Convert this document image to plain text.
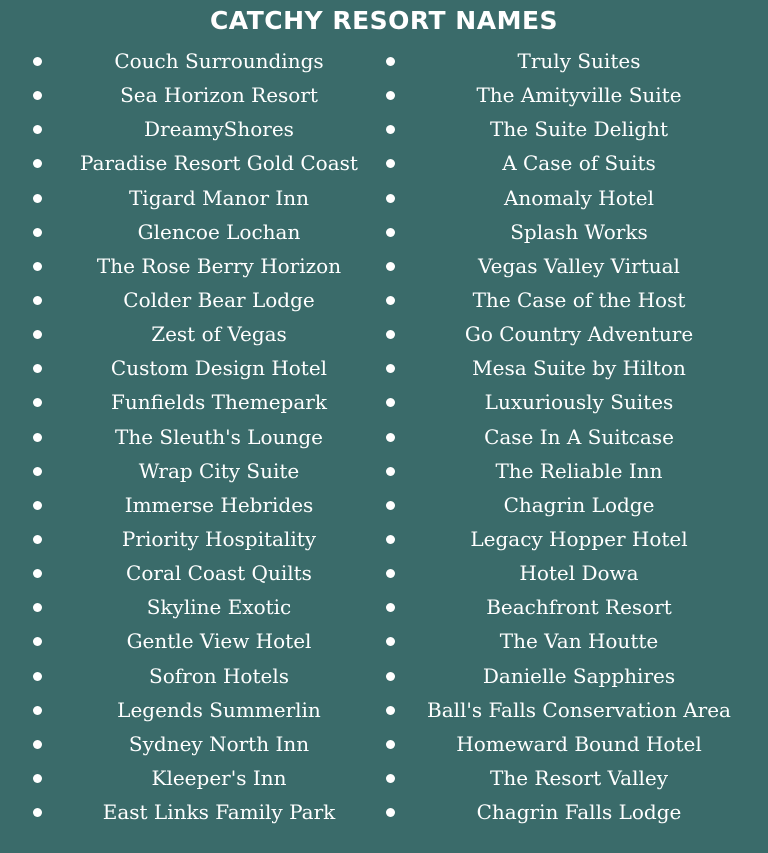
CATCHY RESORT NAMES
Couch Surroundings
Sea Horizon Resort
DreamyShores
Paradise Resort Gold Coast
Tigard Manor Inn
Glencoe Lochan
The Rose Berry Horizon
Colder Bear Lodge
Zest of Vegas
Custom Design Hotel
Funfields Themepark
The Sleuth's Lounge
Wrap City Suite
Immerse Hebrides
Priority Hospitality
Coral Coast Quilts
Skyline Exotic
Gentle View Hotel
Sofron Hotels
Legends Summerlin
Sydney North Inn
Kleeper's Inn
East Links Family Park
Truly Suites
The Amityville Suite
The Suite Delight
A Case of Suits
Anomaly Hotel
Splash Works
Vegas Valley Virtual
The Case of the Host
Go Country Adventure
Mesa Suite by Hilton
Luxuriously Suites
Case In A Suitcase
The Reliable Inn
Chagrin Lodge
Legacy Hopper Hotel
Hotel Dowa
Beachfront Resort
The Van Houtte
Danielle Sapphires
Ball's Falls Conservation Area
Homeward Bound Hotel
The Resort Valley
Chagrin Falls Lodge
